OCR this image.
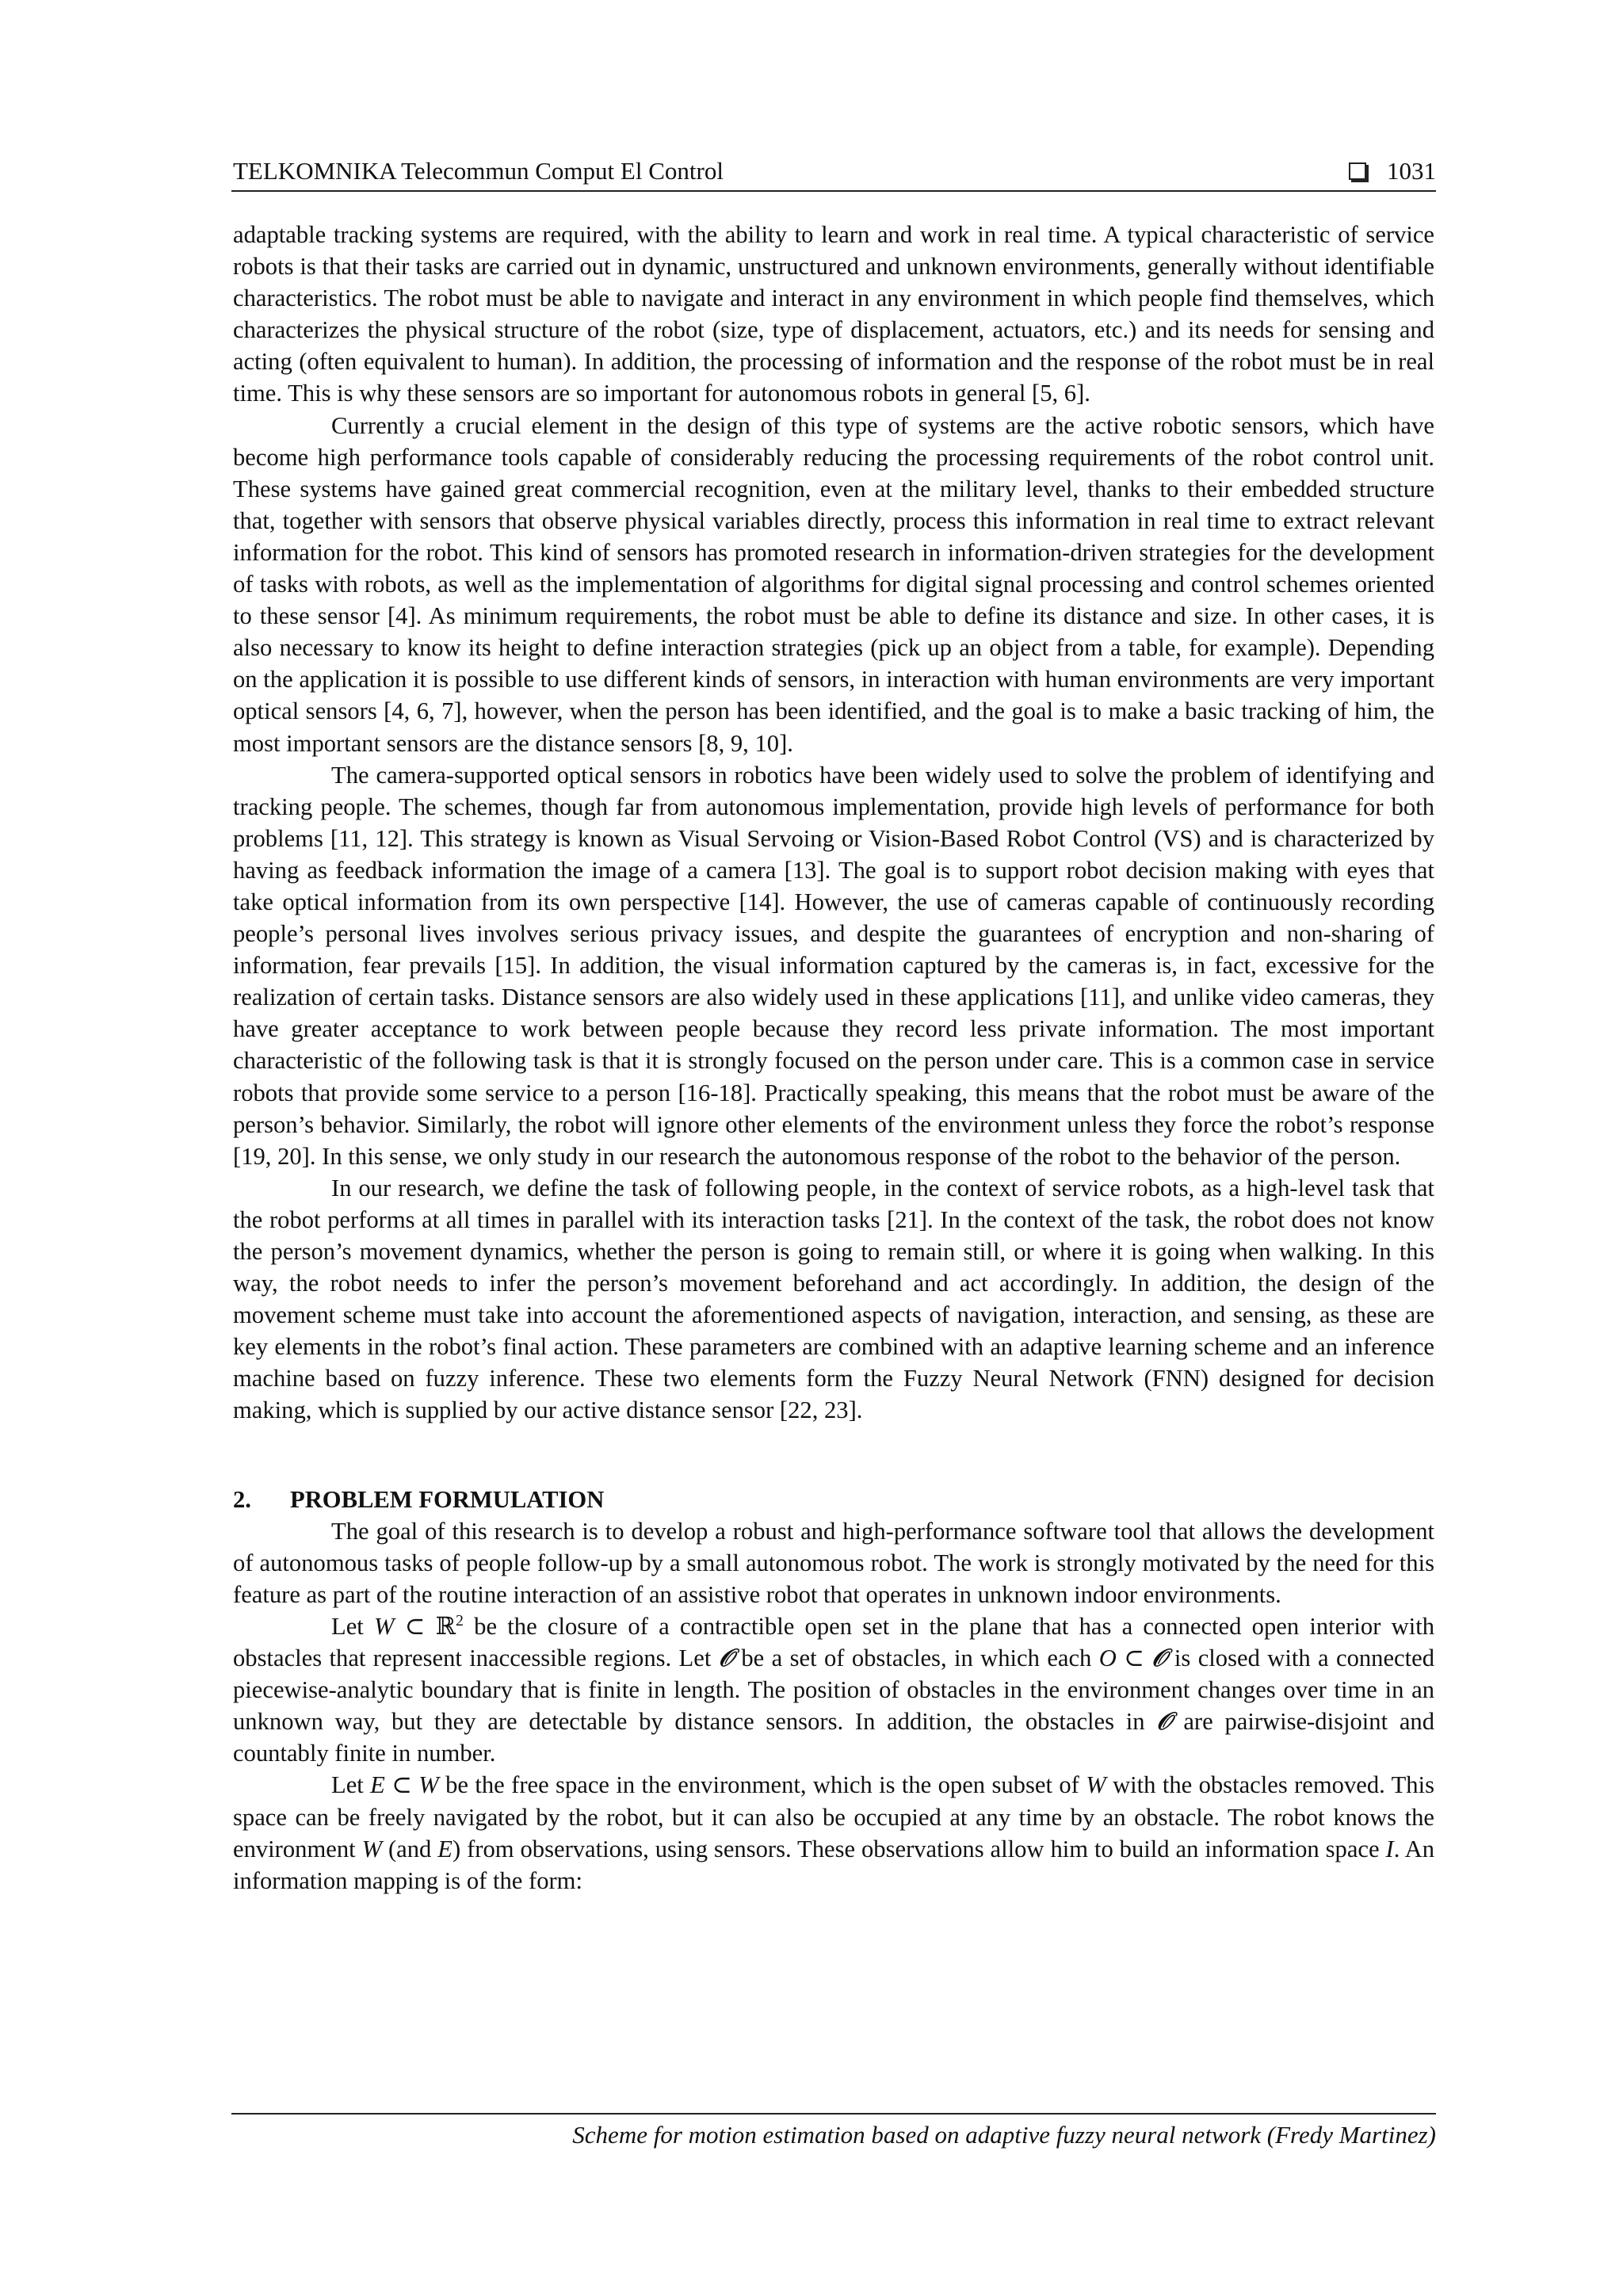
TELKOMNIKA Telecommun Comput El Control	1031

adaptable tracking systems are required, with the ability to learn and work in real time. A typical characteristic of service robots is that their tasks are carried out in dynamic, unstructured and unknown environments, generally without identifiable characteristics. The robot must be able to navigate and interact in any environment in which people find themselves, which characterizes the physical structure of the robot (size, type of displacement, actuators, etc.) and its needs for sensing and acting (often equivalent to human). In addition, the processing of information and the response of the robot must be in real time. This is why these sensors are so important for autonomous robots in general [5, 6].

Currently a crucial element in the design of this type of systems are the active robotic sensors, which have become high performance tools capable of considerably reducing the processing requirements of the robot control unit. These systems have gained great commercial recognition, even at the military level, thanks to their embedded structure that, together with sensors that observe physical variables directly, process this information in real time to extract relevant information for the robot. This kind of sensors has promoted research in information-driven strategies for the development of tasks with robots, as well as the implementation of algorithms for digital signal processing and control schemes oriented to these sensor [4]. As minimum requirements, the robot must be able to define its distance and size. In other cases, it is also necessary to know its height to define interaction strategies (pick up an object from a table, for example). Depending on the application it is possible to use different kinds of sensors, in interaction with human environments are very important optical sensors [4, 6, 7], however, when the person has been identified, and the goal is to make a basic tracking of him, the most important sensors are the distance sensors [8, 9, 10].

The camera-supported optical sensors in robotics have been widely used to solve the problem of identifying and tracking people. The schemes, though far from autonomous implementation, provide high levels of performance for both problems [11, 12]. This strategy is known as Visual Servoing or Vision-Based Robot Control (VS) and is characterized by having as feedback information the image of a camera [13]. The goal is to support robot decision making with eyes that take optical information from its own perspective [14]. However, the use of cameras capable of continuously recording people’s personal lives involves serious privacy issues, and despite the guarantees of encryption and non-sharing of information, fear prevails [15]. In addition, the visual information captured by the cameras is, in fact, excessive for the realization of certain tasks. Distance sensors are also widely used in these applications [11], and unlike video cameras, they have greater acceptance to work between people because they record less private information. The most important characteristic of the following task is that it is strongly focused on the person under care. This is a common case in service robots that provide some service to a person [16-18]. Practically speaking, this means that the robot must be aware of the person’s behavior. Similarly, the robot will ignore other elements of the environment unless they force the robot’s response [19, 20]. In this sense, we only study in our research the autonomous response of the robot to the behavior of the person.

In our research, we define the task of following people, in the context of service robots, as a high-level task that the robot performs at all times in parallel with its interaction tasks [21]. In the context of the task, the robot does not know the person’s movement dynamics, whether the person is going to remain still, or where it is going when walking. In this way, the robot needs to infer the person’s movement beforehand and act accordingly. In addition, the design of the movement scheme must take into account the aforementioned aspects of navigation, interaction, and sensing, as these are key elements in the robot’s final action. These parameters are combined with an adaptive learning scheme and an inference machine based on fuzzy inference. These two elements form the Fuzzy Neural Network (FNN) designed for decision making, which is supplied by our active distance sensor [22, 23].

2. PROBLEM FORMULATION

The goal of this research is to develop a robust and high-performance software tool that allows the development of autonomous tasks of people follow-up by a small autonomous robot. The work is strongly motivated by the need for this feature as part of the routine interaction of an assistive robot that operates in unknown indoor environments.

Let W ⊂ ℝ$^2$ be the closure of a contractible open set in the plane that has a connected open interior with obstacles that represent inaccessible regions. Let 𝒪 be a set of obstacles, in which each O ⊂ 𝒪 is closed with a connected piecewise-analytic boundary that is finite in length. The position of obstacles in the environment changes over time in an unknown way, but they are detectable by distance sensors. In addition, the obstacles in 𝒪 are pairwise-disjoint and countably finite in number.

Let E ⊂ W be the free space in the environment, which is the open subset of W with the obstacles removed. This space can be freely navigated by the robot, but it can also be occupied at any time by an obstacle. The robot knows the environment W (and E) from observations, using sensors. These observations allow him to build an information space I. An information mapping is of the form:

Scheme for motion estimation based on adaptive fuzzy neural network (Fredy Martinez)
